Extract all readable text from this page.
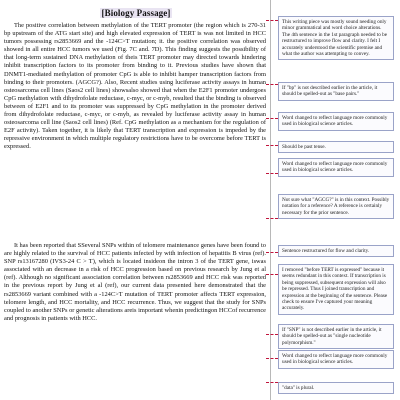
[Biology Passage]
The positive correlation between methylation of the TERT promoter (the region which is 270-31 bp upstream of the ATG start site) and high elevated expression of TERT is was not limited in HCC tumors possessing rs2853669 and the -124C>T mutation; it. the positive correlation was observed showed in all entire HCC tumors we used (Fig. 7C and. 7D). This finding suggests the possibility of that long-term sustained DNA methylation of theis TERT promoter may directed towards hindering inhibit transcription factors to its promoter from binding to it. Previous studies have shown that DNMT1-mediated methylation of promoter CpG is able to inhibit hamper transcription factors from binding to their promoters. (AGCG?). Also, Recent studies using luciferase activity assays in human osteosarcoma cell lines (Saos2 cell lines) showsalso showed that when the E2F1 promoter undergoes CpG methylation with dihydrofolate reductase, c-myc, or c-myb, resulted that the binding is observed between of E2F1 and to its promoter was suppressed by CpG methylation in the promoter derived from dihydrofolate reductase, c-myc, or c-myb, as revealed by luciferase activity assay in human osteosarcoma cell line (Saos2 cell lines) (Ref. CpG methylation as a mechanism for the regulation of E2F activity). Taken together, it is likely that TERT transcription and expression is impeded by the repressive environment in which multiple regulatory restrictions have to be overcome before TERT is expressed.
It has been reported that SSeveral SNPs within of telomere maintenance genes have been found to are highly related to the survival of HCC patients infected by with infection of hepatitis B virus (ref). SNP rs13167280 (IVS3-24 C > T), which is located insideon the intron 3 of the TERT gene, iswas associated with an decrease in a risk of HCC progression based on previous research by Jung et al (ref). Although no significant association correlation between rs2853669 and HCC risk was reported in the previous report by Jung et al (ref), our current data presented here demonstrated that the rs2853669 variant combined with a -124C>T mutation of TERT promoter affects TERT expression, telomere length, and HCC mortality, and HCC recurrence. Thus, we suggest that the study for SNPs coupled to another SNPs or genetic alterations areis important whenin predictingon HCCof recurrence and prognosis in patients with HCC.
This writing piece was mostly sound needing only minor grammatical and word choice alterations. The 4th sentence in the 1st paragraph needed to be restructured to improve flow and clarity. I felt I accurately understood the scientific premise and what the author was attempting to convey.
If "bp" is not described earlier in the article, it should be spelled-out as "base pairs."
Word changed to reflect language more commonly used in biological science articles.
Should be past tense.
Word changed to reflect language more commonly used in biological science articles.
Not sure what "AGCG?" is in this context. Possibly notation for a reference? A reference is certainly necessary for the prior sentence.
Sentence restructured for flow and clarity.
I removed "before TERT is expressed" because it seems redundant in this context. If transcription is being suppressed, subsequent expression will also be repressed. Thus I joined transcription and expression at the beginning of the sentence. Please check to ensure I've captured your meaning accurately.
If "SNP" is not described earlier in the article, it should be spelled-out as "single nucleotide polymorphism."
Word changed to reflect language more commonly used in biological science articles.
"data" is plural.
